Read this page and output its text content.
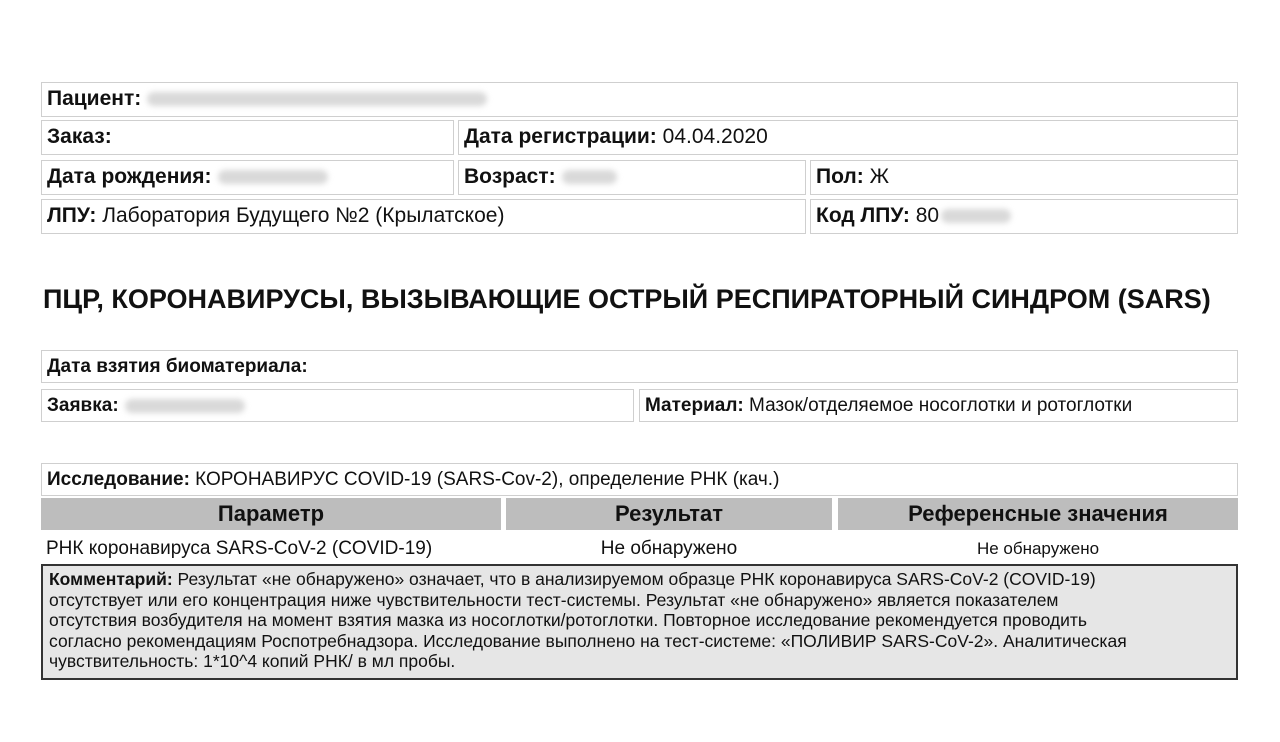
Пациент:
Заказ:	Дата регистрации: 04.04.2020
Дата рождения:	Возраст:	Пол: Ж
ЛПУ: Лаборатория Будущего №2 (Крылатское)	Код ЛПУ: 80
ПЦР, КОРОНАВИРУСЫ, ВЫЗЫВАЮЩИЕ ОСТРЫЙ РЕСПИРАТОРНЫЙ СИНДРОМ (SARS)
Дата взятия биоматериала:
Заявка:	Материал: Мазок/отделяемое носоглотки и ротоглотки
Исследование: КОРОНАВИРУС COVID-19 (SARS-Cov-2), определение РНК (кач.)
Параметр	Результат	Референсные значения
РНК коронавируса SARS-CoV-2 (COVID-19)	Не обнаружено	Не обнаружено
Комментарий: Результат «не обнаружено» означает, что в анализируемом образце РНК коронавируса SARS-CoV-2 (COVID-19)
отсутствует или его концентрация ниже чувствительности тест-системы. Результат «не обнаружено» является показателем
отсутствия возбудителя на момент взятия мазка из носоглотки/ротоглотки. Повторное исследование рекомендуется проводить
согласно рекомендациям Роспотребнадзора. Исследование выполнено на тест-системе: «ПОЛИВИР SARS-CoV-2». Аналитическая
чувствительность: 1*10^4 копий РНК/ в мл пробы.
